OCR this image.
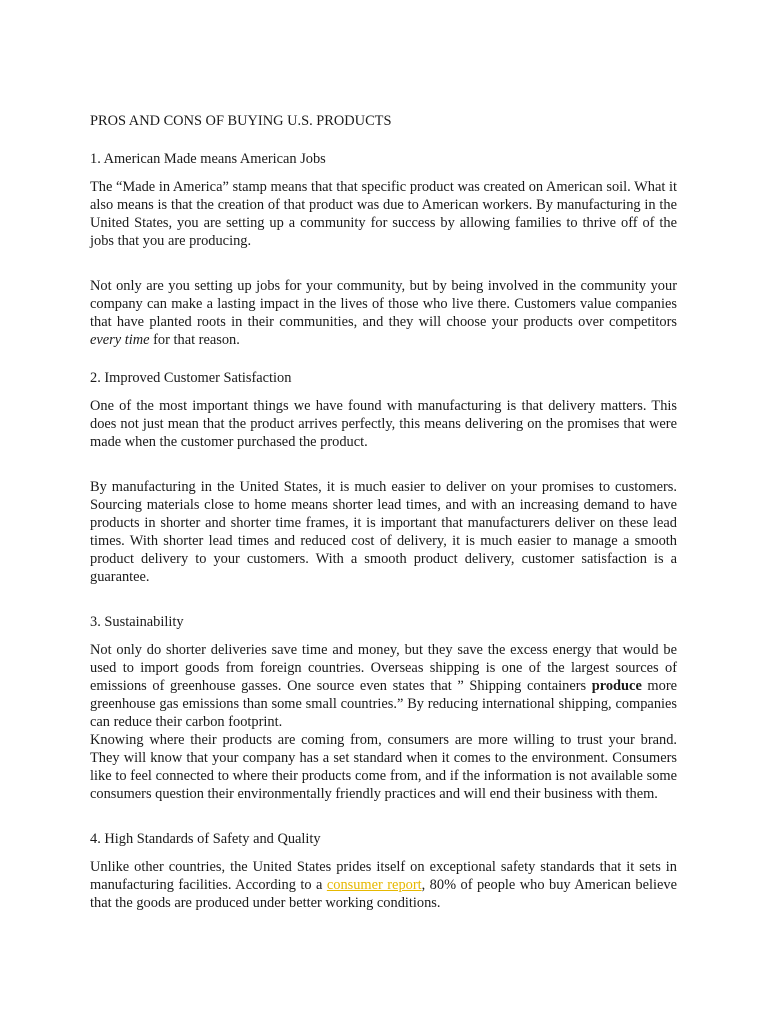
PROS AND CONS OF BUYING U.S. PRODUCTS

1. American Made means American Jobs

The “Made in America” stamp means that that specific product was created on American soil. What it also means is that the creation of that product was due to American workers. By manufacturing in the United States, you are setting up a community for success by allowing families to thrive off of the jobs that you are producing.

Not only are you setting up jobs for your community, but by being involved in the community your company can make a lasting impact in the lives of those who live there. Customers value companies that have planted roots in their communities, and they will choose your products over competitors every time for that reason.

2. Improved Customer Satisfaction

One of the most important things we have found with manufacturing is that delivery matters. This does not just mean that the product arrives perfectly, this means delivering on the promises that were made when the customer purchased the product.

By manufacturing in the United States, it is much easier to deliver on your promises to customers. Sourcing materials close to home means shorter lead times, and with an increasing demand to have products in shorter and shorter time frames, it is important that manufacturers deliver on these lead times. With shorter lead times and reduced cost of delivery, it is much easier to manage a smooth product delivery to your customers. With a smooth product delivery, customer satisfaction is a guarantee.

3. Sustainability

Not only do shorter deliveries save time and money, but they save the excess energy that would be used to import goods from foreign countries. Overseas shipping is one of the largest sources of emissions of greenhouse gasses. One source even states that ” Shipping containers produce more greenhouse gas emissions than some small countries.” By reducing international shipping, companies can reduce their carbon footprint.

Knowing where their products are coming from, consumers are more willing to trust your brand. They will know that your company has a set standard when it comes to the environment. Consumers like to feel connected to where their products come from, and if the information is not available some consumers question their environmentally friendly practices and will end their business with them.

4. High Standards of Safety and Quality

Unlike other countries, the United States prides itself on exceptional safety standards that it sets in manufacturing facilities. According to a consumer report, 80% of people who buy American believe that the goods are produced under better working conditions.
